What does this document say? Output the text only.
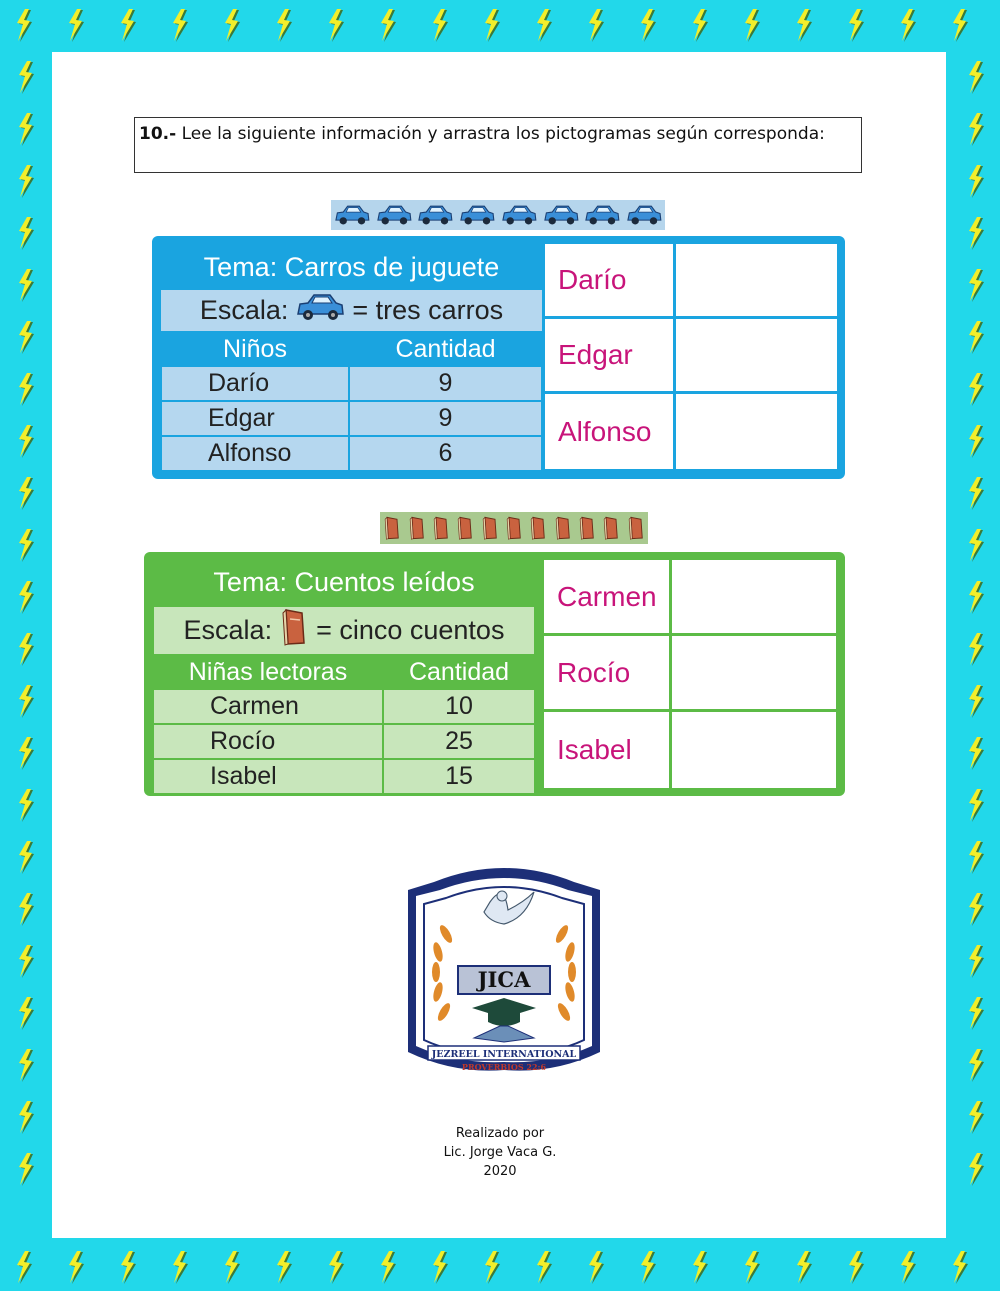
10.- Lee la siguiente información y arrastra los pictogramas según corresponda:
Tema: Carros de juguete	

Escala: = tres carros	

Niños	Cantidad
Darío	9
Edgar	9
Alfonso	6
Darío
Edgar
Alfonso
Tema: Cuentos leídos	

Escala: = cinco cuentos	

Niñas lectoras	Cantidad
Carmen	10
Rocío	25
Isabel	15
Carmen
Rocío
Isabel
JICA
JEZREEL INTERNATIONAL
PROVERBIOS 22:6
Realizado por
Lic. Jorge Vaca G.
2020
